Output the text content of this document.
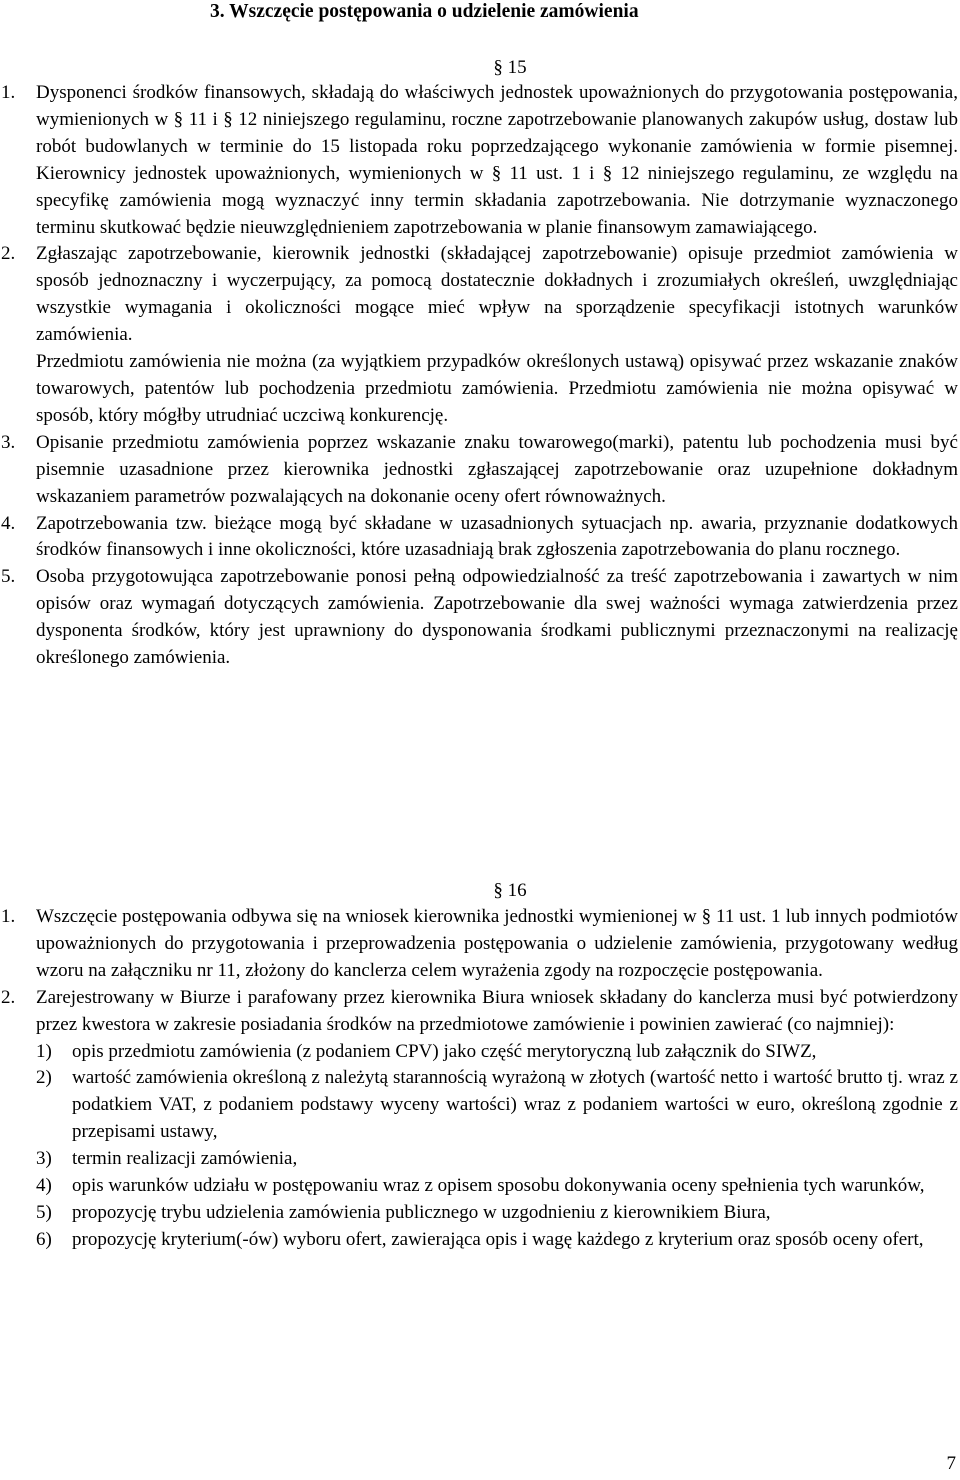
3. Wszczęcie postępowania o udzielenie zamówienia
§ 15
1. Dysponenci środków finansowych, składają do właściwych jednostek upoważnionych do przygotowania postępowania, wymienionych w § 11 i § 12 niniejszego regulaminu, roczne zapotrzebowanie planowanych zakupów usług, dostaw lub robót budowlanych w terminie do 15 listopada roku poprzedzającego wykonanie zamówienia w formie pisemnej. Kierownicy jednostek upoważnionych, wymienionych w § 11 ust. 1 i § 12 niniejszego regulaminu, ze względu na specyfikę zamówienia mogą wyznaczyć inny termin składania zapotrzebowania. Nie dotrzymanie wyznaczonego terminu skutkować będzie nieuwzględnieniem zapotrzebowania w planie finansowym zamawiającego.
2. Zgłaszając zapotrzebowanie, kierownik jednostki (składającej zapotrzebowanie) opisuje przedmiot zamówienia w sposób jednoznaczny i wyczerpujący, za pomocą dostatecznie dokładnych i zrozumiałych określeń, uwzględniając wszystkie wymagania i okoliczności mogące mieć wpływ na sporządzenie specyfikacji istotnych warunków zamówienia.
Przedmiotu zamówienia nie można (za wyjątkiem przypadków określonych ustawą) opisywać przez wskazanie znaków towarowych, patentów lub pochodzenia przedmiotu zamówienia. Przedmiotu zamówienia nie można opisywać w sposób, który mógłby utrudniać uczciwą konkurencję.
3. Opisanie przedmiotu zamówienia poprzez wskazanie znaku towarowego(marki), patentu lub pochodzenia musi być pisemnie uzasadnione przez kierownika jednostki zgłaszającej zapotrzebowanie oraz uzupełnione dokładnym wskazaniem parametrów pozwalających na dokonanie oceny ofert równoważnych.
4. Zapotrzebowania tzw. bieżące mogą być składane w uzasadnionych sytuacjach np. awaria, przyznanie dodatkowych środków finansowych i inne okoliczności, które uzasadniają brak zgłoszenia zapotrzebowania do planu rocznego.
5. Osoba przygotowująca zapotrzebowanie ponosi pełną odpowiedzialność za treść zapotrzebowania i zawartych w nim opisów oraz wymagań dotyczących zamówienia. Zapotrzebowanie dla swej ważności wymaga zatwierdzenia przez dysponenta środków, który jest uprawniony do dysponowania środkami publicznymi przeznaczonymi na realizację określonego zamówienia.
§ 16
1. Wszczęcie postępowania odbywa się na wniosek kierownika jednostki wymienionej w § 11 ust. 1 lub innych podmiotów upoważnionych do przygotowania i przeprowadzenia postępowania o udzielenie zamówienia, przygotowany według wzoru na załączniku nr 11, złożony do kanclerza celem wyrażenia zgody na rozpoczęcie postępowania.
2. Zarejestrowany w Biurze i parafowany przez kierownika Biura wniosek składany do kanclerza musi być potwierdzony przez kwestora w zakresie posiadania środków na przedmiotowe zamówienie i powinien zawierać (co najmniej):
1) opis przedmiotu zamówienia (z podaniem CPV) jako część merytoryczną lub załącznik do SIWZ,
2) wartość zamówienia określoną z należytą starannością wyrażoną w złotych (wartość netto i wartość brutto tj. wraz z podatkiem VAT, z podaniem podstawy wyceny wartości) wraz z podaniem wartości w euro, określoną zgodnie z przepisami ustawy,
3) termin realizacji zamówienia,
4) opis warunków udziału w postępowaniu wraz z opisem sposobu dokonywania oceny spełnienia tych warunków,
5) propozycję trybu udzielenia zamówienia publicznego w uzgodnieniu z kierownikiem Biura,
6) propozycję kryterium(-ów) wyboru ofert, zawierająca opis i wagę każdego z kryterium oraz sposób oceny ofert,
7
